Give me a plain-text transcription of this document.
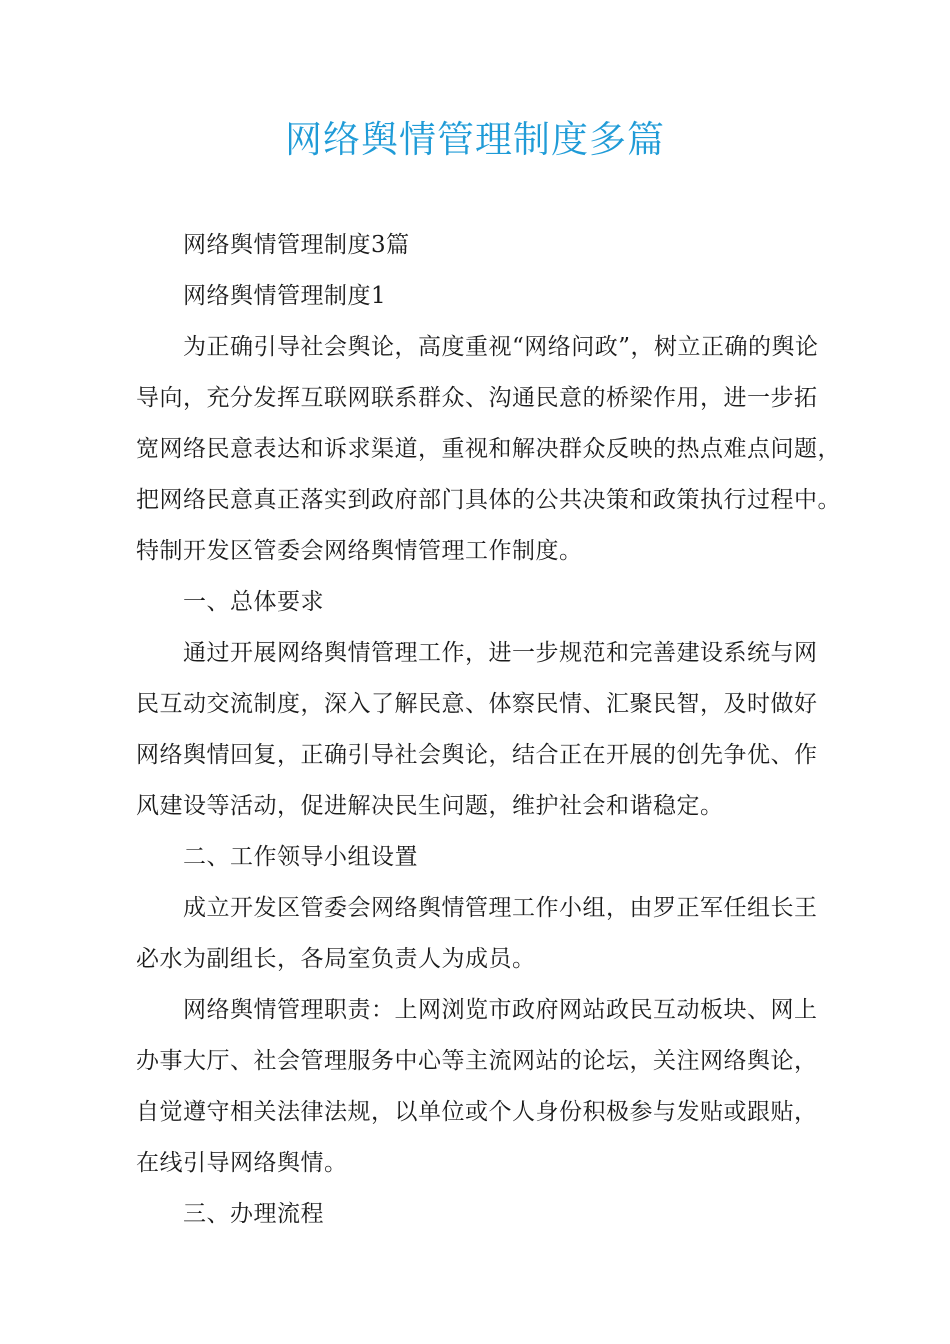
网络舆情管理制度多篇
网络舆情管理制度3篇
网络舆情管理制度1
为正确引导社会舆论，高度重视“网络问政”，树立正确的舆论
导向，充分发挥互联网联系群众、沟通民意的桥梁作用，进一步拓
宽网络民意表达和诉求渠道，重视和解决群众反映的热点难点问题，
把网络民意真正落实到政府部门具体的公共决策和政策执行过程中。
特制开发区管委会网络舆情管理工作制度。
一、总体要求
通过开展网络舆情管理工作，进一步规范和完善建设系统与网
民互动交流制度，深入了解民意、体察民情、汇聚民智，及时做好
网络舆情回复，正确引导社会舆论，结合正在开展的创先争优、作
风建设等活动，促进解决民生问题，维护社会和谐稳定。
二、工作领导小组设置
成立开发区管委会网络舆情管理工作小组，由罗正军任组长王
必水为副组长，各局室负责人为成员。
网络舆情管理职责：上网浏览市政府网站政民互动板块、网上
办事大厅、社会管理服务中心等主流网站的论坛，关注网络舆论，
自觉遵守相关法律法规，以单位或个人身份积极参与发贴或跟贴，
在线引导网络舆情。
三、办理流程
